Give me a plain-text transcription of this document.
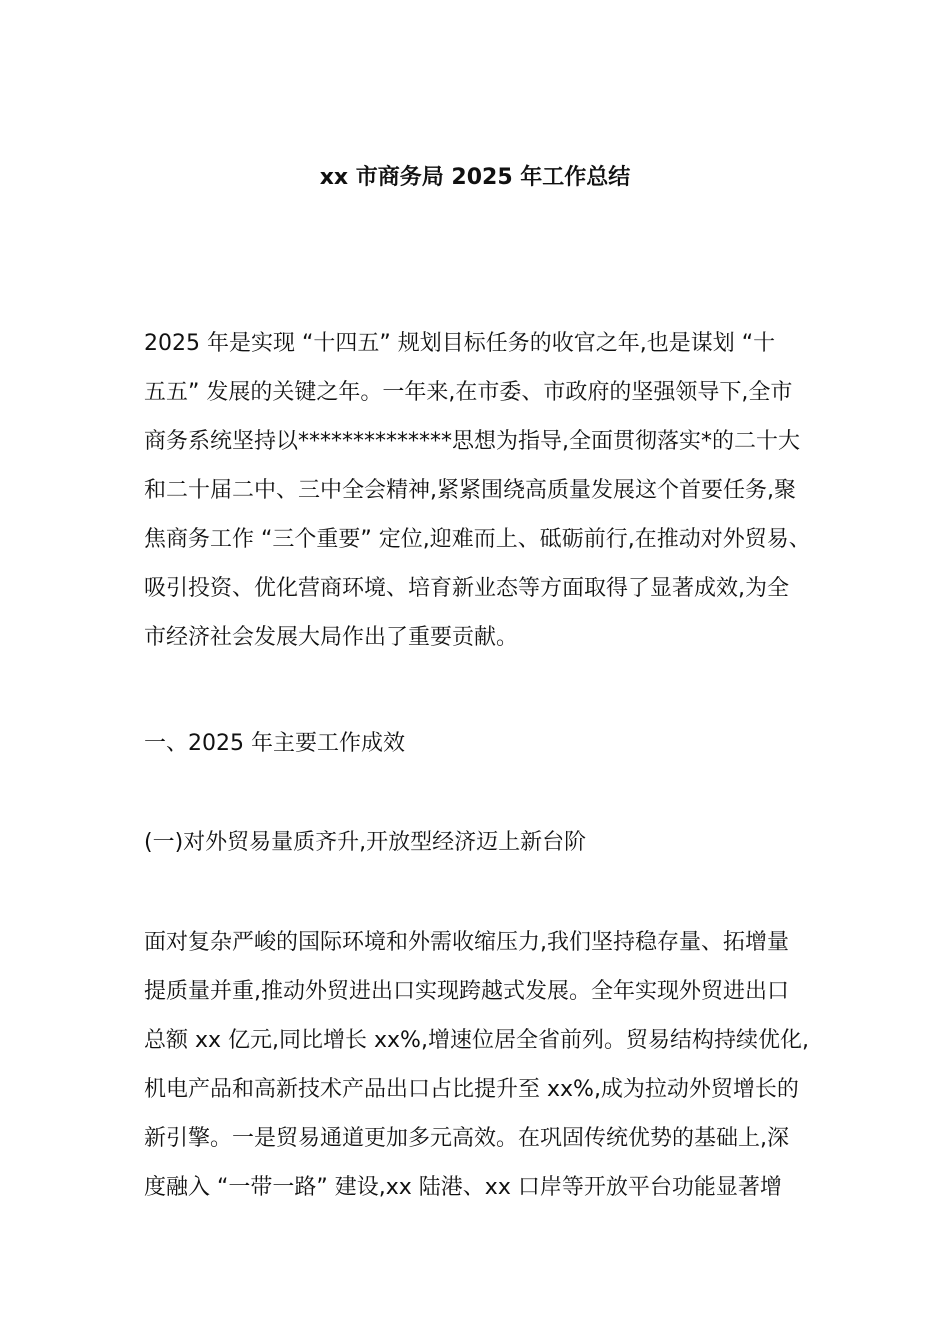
xx 市商务局 2025 年工作总结
2025 年是实现 “十四五” 规划目标任务的收官之年,也是谋划 “十
五五” 发展的关键之年。一年来,在市委、市政府的坚强领导下,全市
商务系统坚持以**************思想为指导,全面贯彻落实*的二十大
和二十届二中、三中全会精神,紧紧围绕高质量发展这个首要任务,聚
焦商务工作 “三个重要” 定位,迎难而上、砥砺前行,在推动对外贸易、
吸引投资、优化营商环境、培育新业态等方面取得了显著成效,为全
市经济社会发展大局作出了重要贡献。
一、2025 年主要工作成效
(一)对外贸易量质齐升,开放型经济迈上新台阶
面对复杂严峻的国际环境和外需收缩压力,我们坚持稳存量、拓增量
提质量并重,推动外贸进出口实现跨越式发展。全年实现外贸进出口
总额 xx 亿元,同比增长 xx%,增速位居全省前列。贸易结构持续优化,
机电产品和高新技术产品出口占比提升至 xx%,成为拉动外贸增长的
新引擎。一是贸易通道更加多元高效。在巩固传统优势的基础上,深
度融入 “一带一路” 建设,xx 陆港、xx 口岸等开放平台功能显著增
